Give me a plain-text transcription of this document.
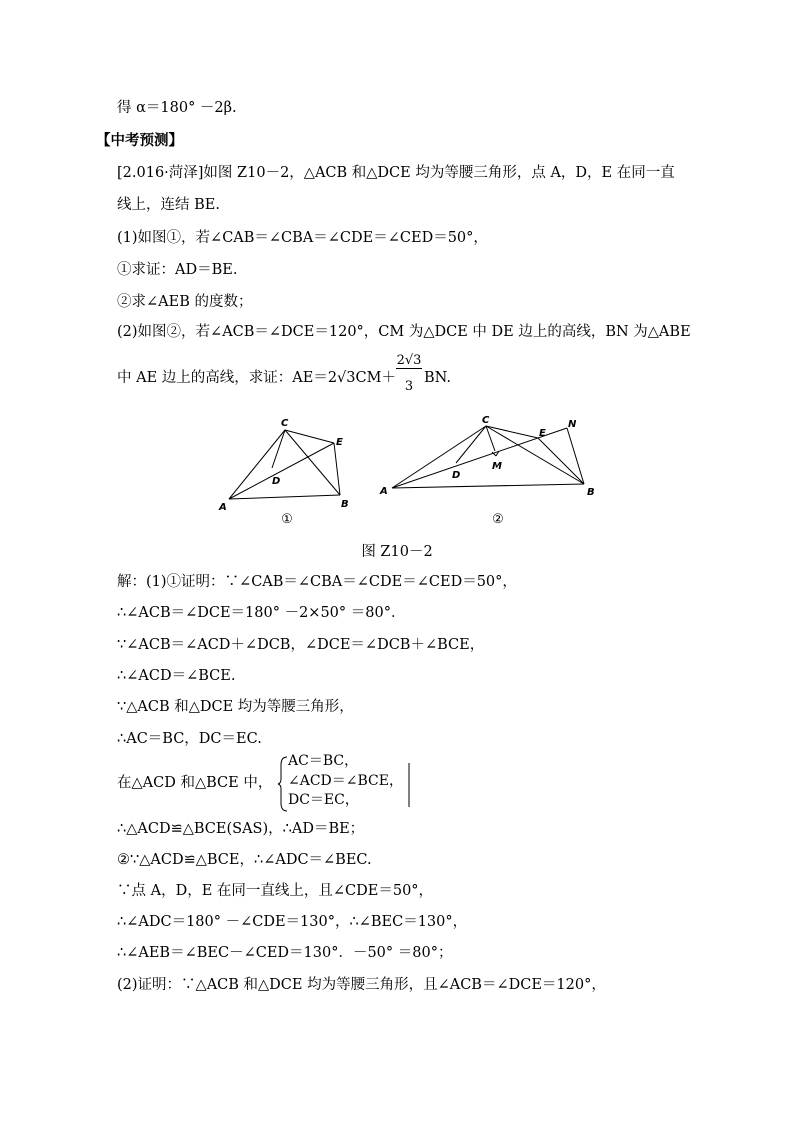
得 α＝180° －2β.
【中考预测】
[2.016·菏泽]如图 Z10－2，△ACB 和△DCE 均为等腰三角形，点 A，D，E 在同一直
线上，连结 BE.
(1)如图①，若∠CAB＝∠CBA＝∠CDE＝∠CED＝50°，
①求证：AD＝BE.
②求∠AEB 的度数；
(2)如图②，若∠ACB＝∠DCE＝120°，CM 为△DCE 中 DE 边上的高线，BN 为△ABE
中 AE 边上的高线，求证：AE＝2√3CM＋
2√3
3
BN.
C
E
D
A	B
①
C
E
N
M
D
A	B
②
图 Z10－2
解：(1)①证明：∵∠CAB＝∠CBA＝∠CDE＝∠CED＝50°，
∴∠ACB＝∠DCE＝180° －2×50° ＝80°．
∵∠ACB＝∠ACD＋∠DCB，∠DCE＝∠DCB＋∠BCE，
∴∠ACD＝∠BCE.
∵△ACB 和△DCE 均为等腰三角形，
∴AC＝BC，DC＝EC.
在△ACD 和△BCE 中，
AC＝BC，
∠ACD＝∠BCE，
DC＝EC，
∴△ACD≌△BCE(SAS)，∴AD＝BE；
②∵△ACD≌△BCE，∴∠ADC＝∠BEC.
∵点 A，D，E 在同一直线上，且∠CDE＝50°，
∴∠ADC＝180° －∠CDE＝130°，∴∠BEC＝130°，
∴∠AEB＝∠BEC－∠CED＝130°．－50° ＝80°；
(2)证明：∵△ACB 和△DCE 均为等腰三角形，且∠ACB＝∠DCE＝120°，
